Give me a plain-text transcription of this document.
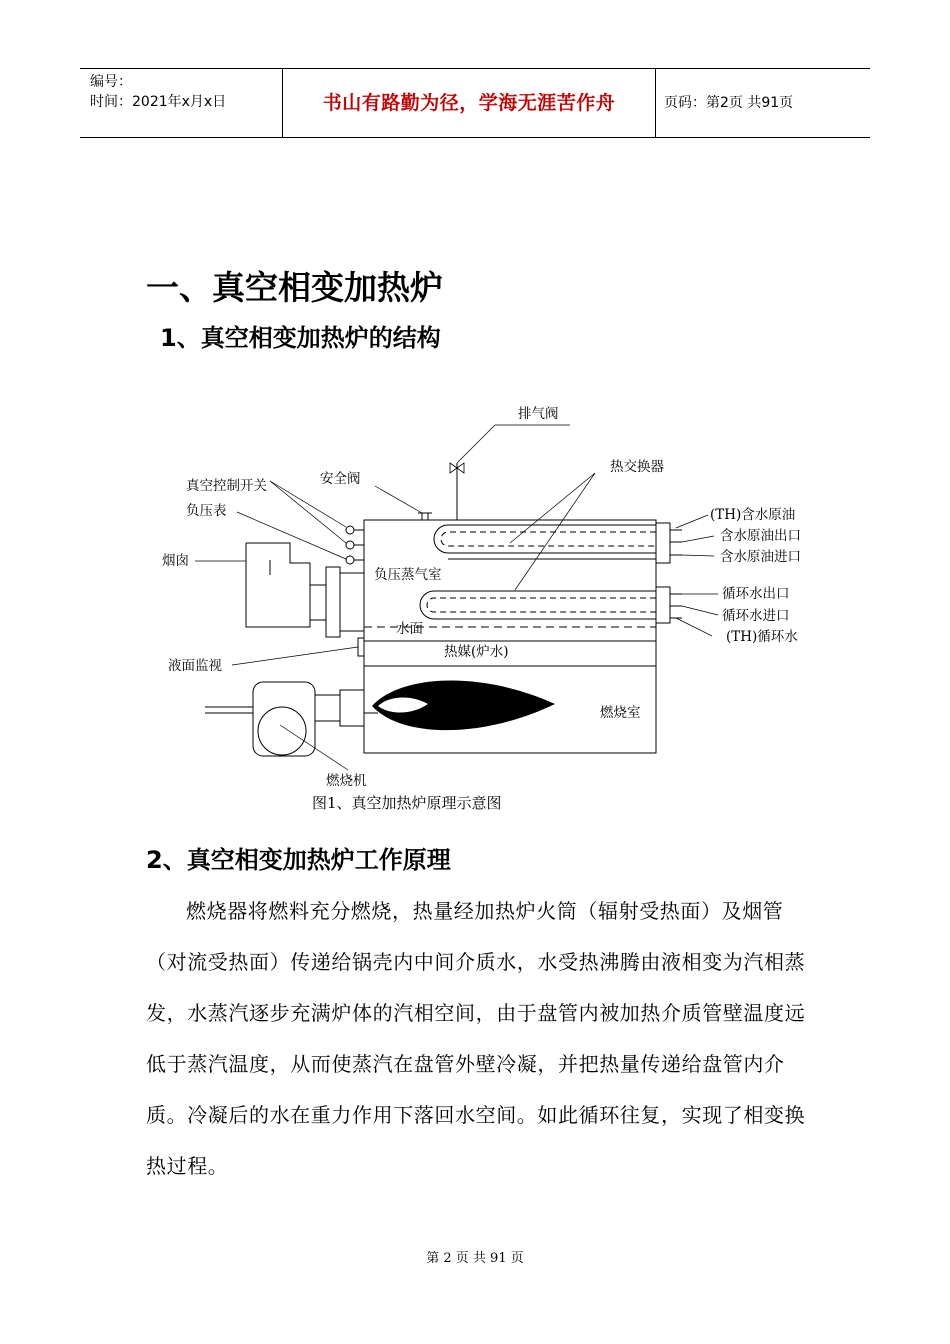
编号：
时间：2021年x月x日	书山有路勤为径，学海无涯苦作舟	页码：第2页 共91页
一、真空相变加热炉
1、真空相变加热炉的结构
排气阀
热交换器
真空控制开关	安全阀
负压表	(TH)含水原油
含水原油出口
烟囱	含水原油进口
负压蒸气室
循环水出口
循环水进口
水面	(TH)循环水
热媒(炉水)
液面监视
燃烧室
燃烧机
图1、真空加热炉原理示意图
2、真空相变加热炉工作原理

燃烧器将燃料充分燃烧，热量经加热炉火筒（辐射受热面）及烟管（对流受热面）传递给锅壳内中间介质水，水受热沸腾由液相变为汽相蒸发，水蒸汽逐步充满炉体的汽相空间，由于盘管内被加热介质管壁温度远低于蒸汽温度，从而使蒸汽在盘管外壁冷凝，并把热量传递给盘管内介质。冷凝后的水在重力作用下落回水空间。如此循环往复，实现了相变换热过程。

第 2 页 共 91 页
